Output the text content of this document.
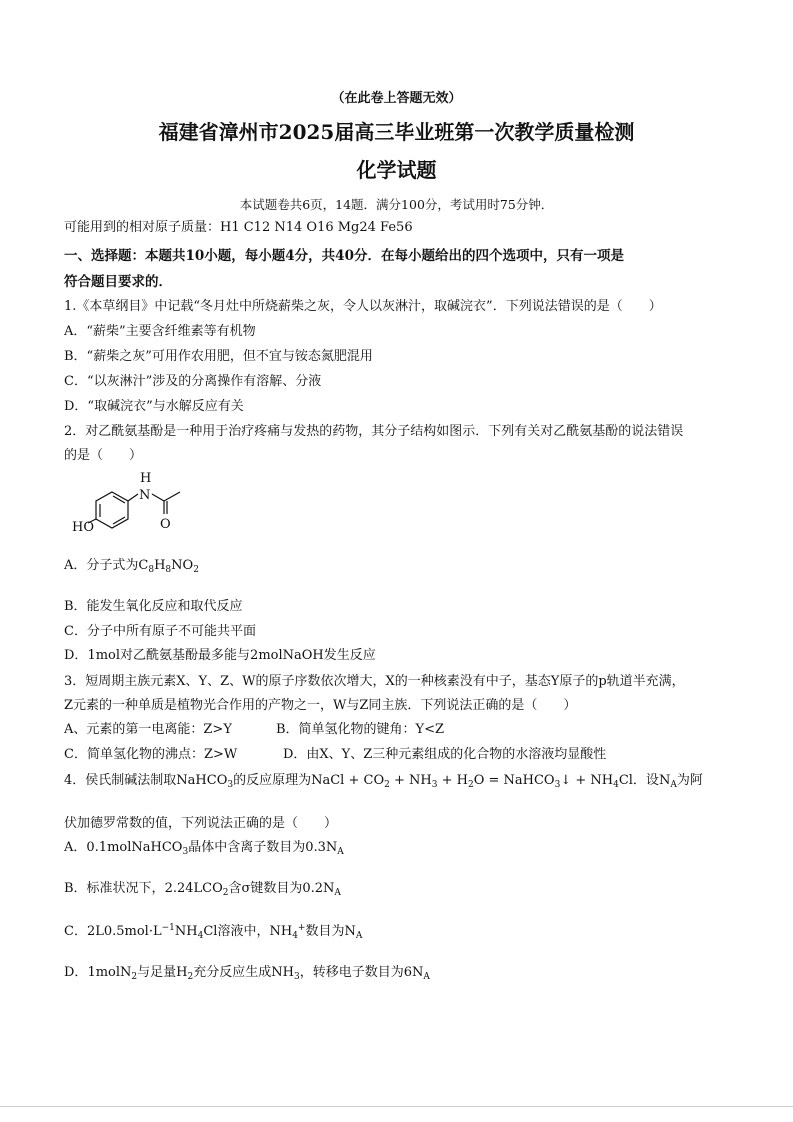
（在此卷上答题无效）
福建省漳州市2025届高三毕业班第一次教学质量检测
化学试题
本试题卷共6页，14题．满分100分，考试用时75分钟．
可能用到的相对原子质量：H1 C12 N14 O16 Mg24 Fe56
一、选择题：本题共10小题，每小题4分，共40分．在每小题给出的四个选项中，只有一项是
符合题目要求的．
1.《本草纲目》中记载“冬月灶中所烧薪柴之灰，令人以灰淋汁，取碱浣衣”．下列说法错误的是（　　）
A．“薪柴”主要含纤维素等有机物
B．“薪柴之灰”可用作农用肥，但不宜与铵态氮肥混用
C．“以灰淋汁”涉及的分离操作有溶解、分液
D．“取碱浣衣”与水解反应有关
2．对乙酰氨基酚是一种用于治疗疼痛与发热的药物，其分子结构如图示．下列有关对乙酰氨基酚的说法错误
的是（　　）
H
N
O
HO
A．分子式为$C_8H_8NO_2$
B．能发生氧化反应和取代反应
C．分子中所有原子不可能共平面
D．1mol对乙酰氨基酚最多能与2molNaOH发生反应
3．短周期主族元素X、Y、Z、W的原子序数依次增大，X的一种核素没有中子，基态Y原子的p轨道半充满，
Z元素的一种单质是植物光合作用的产物之一，W与Z同主族．下列说法正确的是（　　）
A、元素的第一电离能：Z>Y	B．简单氢化物的键角：Y<Z
C．简单氢化物的沸点：Z>W	D．由X、Y、Z三种元素组成的化合物的水溶液均显酸性
4．侯氏制碱法制取NaHCO$_3$的反应原理为NaCl + $CO_2 + NH_3 + H_2O$ = NaHCO$_3$↓ + $NH_4Cl$．设$N_A$为阿
伏加德罗常数的值，下列说法正确的是（　　）
A．0.1molNaHCO$_3$晶体中含离子数目为$0.3N_A$
B．标准状况下，$2.24LCO_2$含σ键数目为$0.2N_A$
C．$2L0.5mol\cdot L^{-1}NH_4Cl$溶液中，$NH_4^+$数目为$N_A$
D．1molN$_2$与足量$H_2$充分反应生成$NH_3$，转移电子数目为$6N_A$
